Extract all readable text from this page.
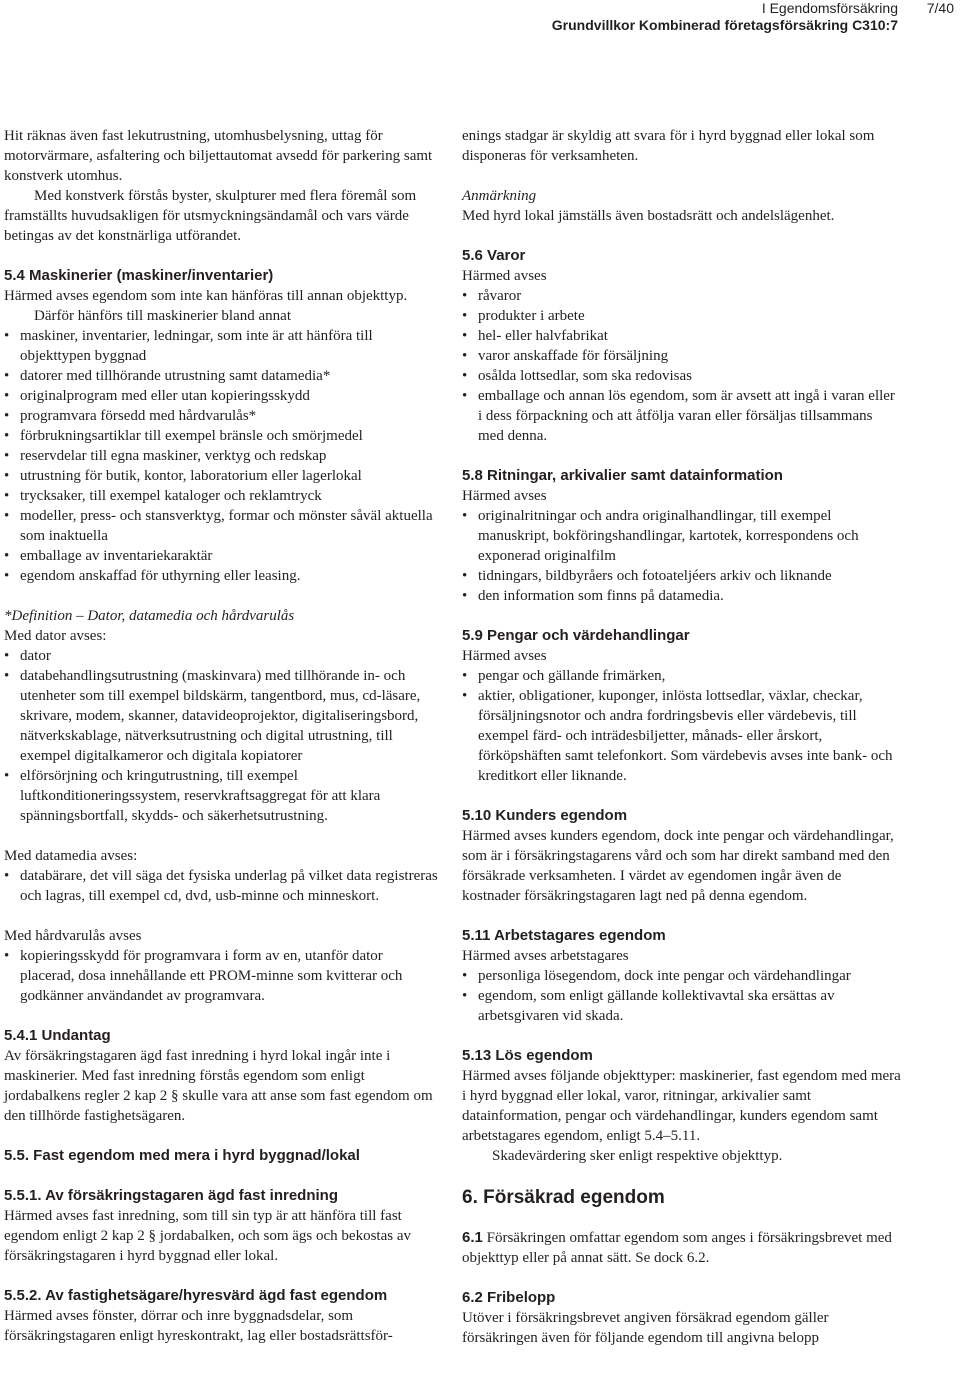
I Egendomsförsäkring
Grundvillkor Kombinerad företagsförsäkring C310:7
7/40

Hit räknas även fast lekutrustning, utomhusbelysning, uttag för motorvärmare, asfaltering och biljettautomat avsedd för parkering samt konstverk utomhus.

Med konstverk förstås byster, skulpturer med flera föremål som framställts huvudsakligen för utsmyckningsändamål och vars värde betingas av det konstnärliga utförandet.

5.4 Maskinerier (maskiner/inventarier)

Härmed avses egendom som inte kan hänföras till annan objekttyp.

Därför hänförs till maskinerier bland annat

• maskiner, inventarier, ledningar, som inte är att hänföra till objekttypen byggnad
• datorer med tillhörande utrustning samt datamedia*
• originalprogram med eller utan kopieringsskydd
• programvara försedd med hårdvarulås*
• förbrukningsartiklar till exempel bränsle och smörjmedel
• reservdelar till egna maskiner, verktyg och redskap
• utrustning för butik, kontor, laboratorium eller lagerlokal
• trycksaker, till exempel kataloger och reklamtryck
• modeller, press- och stansverktyg, formar och mönster såväl aktuella som inaktuella
• emballage av inventariekaraktär
• egendom anskaffad för uthyrning eller leasing.

*Definition – Dator, datamedia och hårdvarulås

Med dator avses:

• dator
• databehandlingsutrustning (maskinvara) med tillhörande in- och utenheter som till exempel bildskärm, tangentbord, mus, cd-läsare, skrivare, modem, skanner, datavideoprojektor, digitaliseringsbord, nätverkskablage, nätverksutrustning och digital utrustning, till exempel digitalkameror och digitala kopiatorer
• elförsörjning och kringutrustning, till exempel luftkonditioneringssystem, reservkraftsaggregat för att klara spänningsbortfall, skydds- och säkerhetsutrustning.

Med datamedia avses:

• databärare, det vill säga det fysiska underlag på vilket data registreras och lagras, till exempel cd, dvd, usb-minne och minneskort.

Med hårdvarulås avses

• kopieringsskydd för programvara i form av en, utanför dator placerad, dosa innehållande ett PROM-minne som kvitterar och godkänner användandet av programvara.

5.4.1 Undantag

Av försäkringstagaren ägd fast inredning i hyrd lokal ingår inte i maskinerier. Med fast inredning förstås egendom som enligt jordabalkens regler 2 kap 2 § skulle vara att anse som fast egendom om den tillhörde fastighetsägaren.

5.5. Fast egendom med mera i hyrd byggnad/lokal

5.5.1. Av försäkringstagaren ägd fast inredning

Härmed avses fast inredning, som till sin typ är att hänföra till fast egendom enligt 2 kap 2 § jordabalken, och som ägs och bekostas av försäkringstagaren i hyrd byggnad eller lokal.

5.5.2. Av fastighetsägare/hyresvärd ägd fast egendom

Härmed avses fönster, dörrar och inre byggnadsdelar, som försäkringstagaren enligt hyreskontrakt, lag eller bostadsrättsför-

enings stadgar är skyldig att svara för i hyrd byggnad eller lokal som disponeras för verksamheten.

Anmärkning

Med hyrd lokal jämställs även bostadsrätt och andelslägenhet.

5.6 Varor

Härmed avses

• råvaror
• produkter i arbete
• hel- eller halvfabrikat
• varor anskaffade för försäljning
• osålda lottsedlar, som ska redovisas
• emballage och annan lös egendom, som är avsett att ingå i varan eller i dess förpackning och att åtfölja varan eller försäljas tillsammans med denna.

5.8 Ritningar, arkivalier samt datainformation

Härmed avses

• originalritningar och andra originalhandlingar, till exempel manuskript, bokföringshandlingar, kartotek, korrespondens och exponerad originalfilm
• tidningars, bildbyråers och fotoateljéers arkiv och liknande
• den information som finns på datamedia.

5.9 Pengar och värdehandlingar

Härmed avses

• pengar och gällande frimärken,
• aktier, obligationer, kuponger, inlösta lottsedlar, växlar, checkar, försäljningsnotor och andra fordringsbevis eller värdebevis, till exempel färd- och inträdesbiljetter, månads- eller årskort, förköpshäften samt telefonkort. Som värdebevis avses inte bank- och kreditkort eller liknande.

5.10 Kunders egendom

Härmed avses kunders egendom, dock inte pengar och värdehandlingar, som är i försäkringstagarens vård och som har direkt samband med den försäkrade verksamheten. I värdet av egendomen ingår även de kostnader försäkringstagaren lagt ned på denna egendom.

5.11 Arbetstagares egendom

Härmed avses arbetstagares

• personliga lösegendom, dock inte pengar och värdehandlingar
• egendom, som enligt gällande kollektivavtal ska ersättas av arbetsgivaren vid skada.

5.13 Lös egendom

Härmed avses följande objekttyper: maskinerier, fast egendom med mera i hyrd byggnad eller lokal, varor, ritningar, arkivalier samt datainformation, pengar och värdehandlingar, kunders egendom samt arbetstagares egendom, enligt 5.4–5.11.

Skadevärdering sker enligt respektive objekttyp.

6. Försäkrad egendom

6.1 Försäkringen omfattar egendom som anges i försäkringsbrevet med objekttyp eller på annat sätt. Se dock 6.2.

6.2 Fribelopp

Utöver i försäkringsbrevet angiven försäkrad egendom gäller försäkringen även för följande egendom till angivna belopp
